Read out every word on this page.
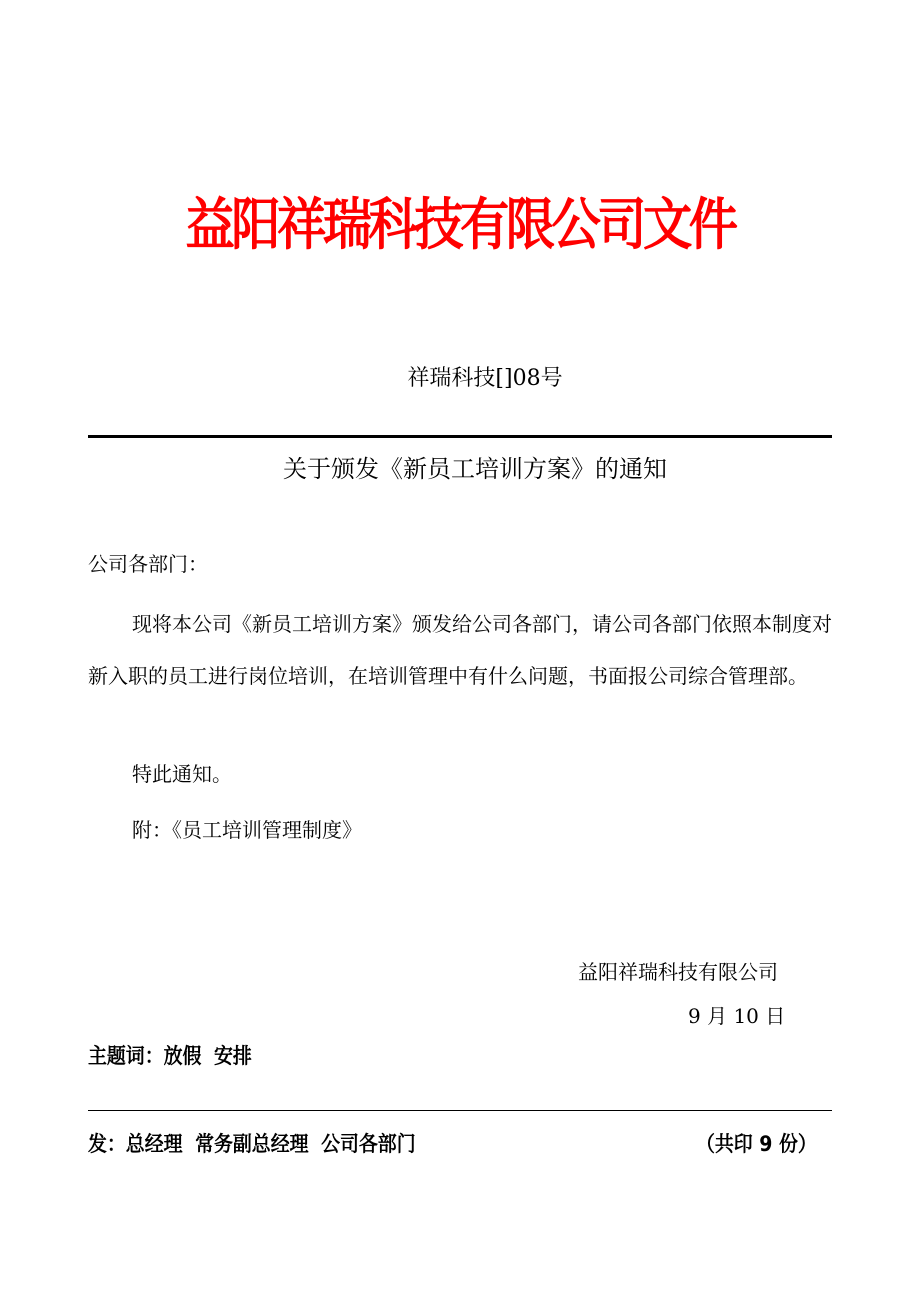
益阳祥瑞科技有限公司文件
祥瑞科技[]08号
关于颁发《新员工培训方案》的通知
公司各部门：
现将本公司《新员工培训方案》颁发给公司各部门，请公司各部门依照本制度对新入职的员工进行岗位培训，在培训管理中有什么问题，书面报公司综合管理部。
特此通知。
附：《员工培训管理制度》
益阳祥瑞科技有限公司
9 月 10 日
主题词：放假 安排
发：总经理 常务副总经理 公司各部门	（共印 9 份）
